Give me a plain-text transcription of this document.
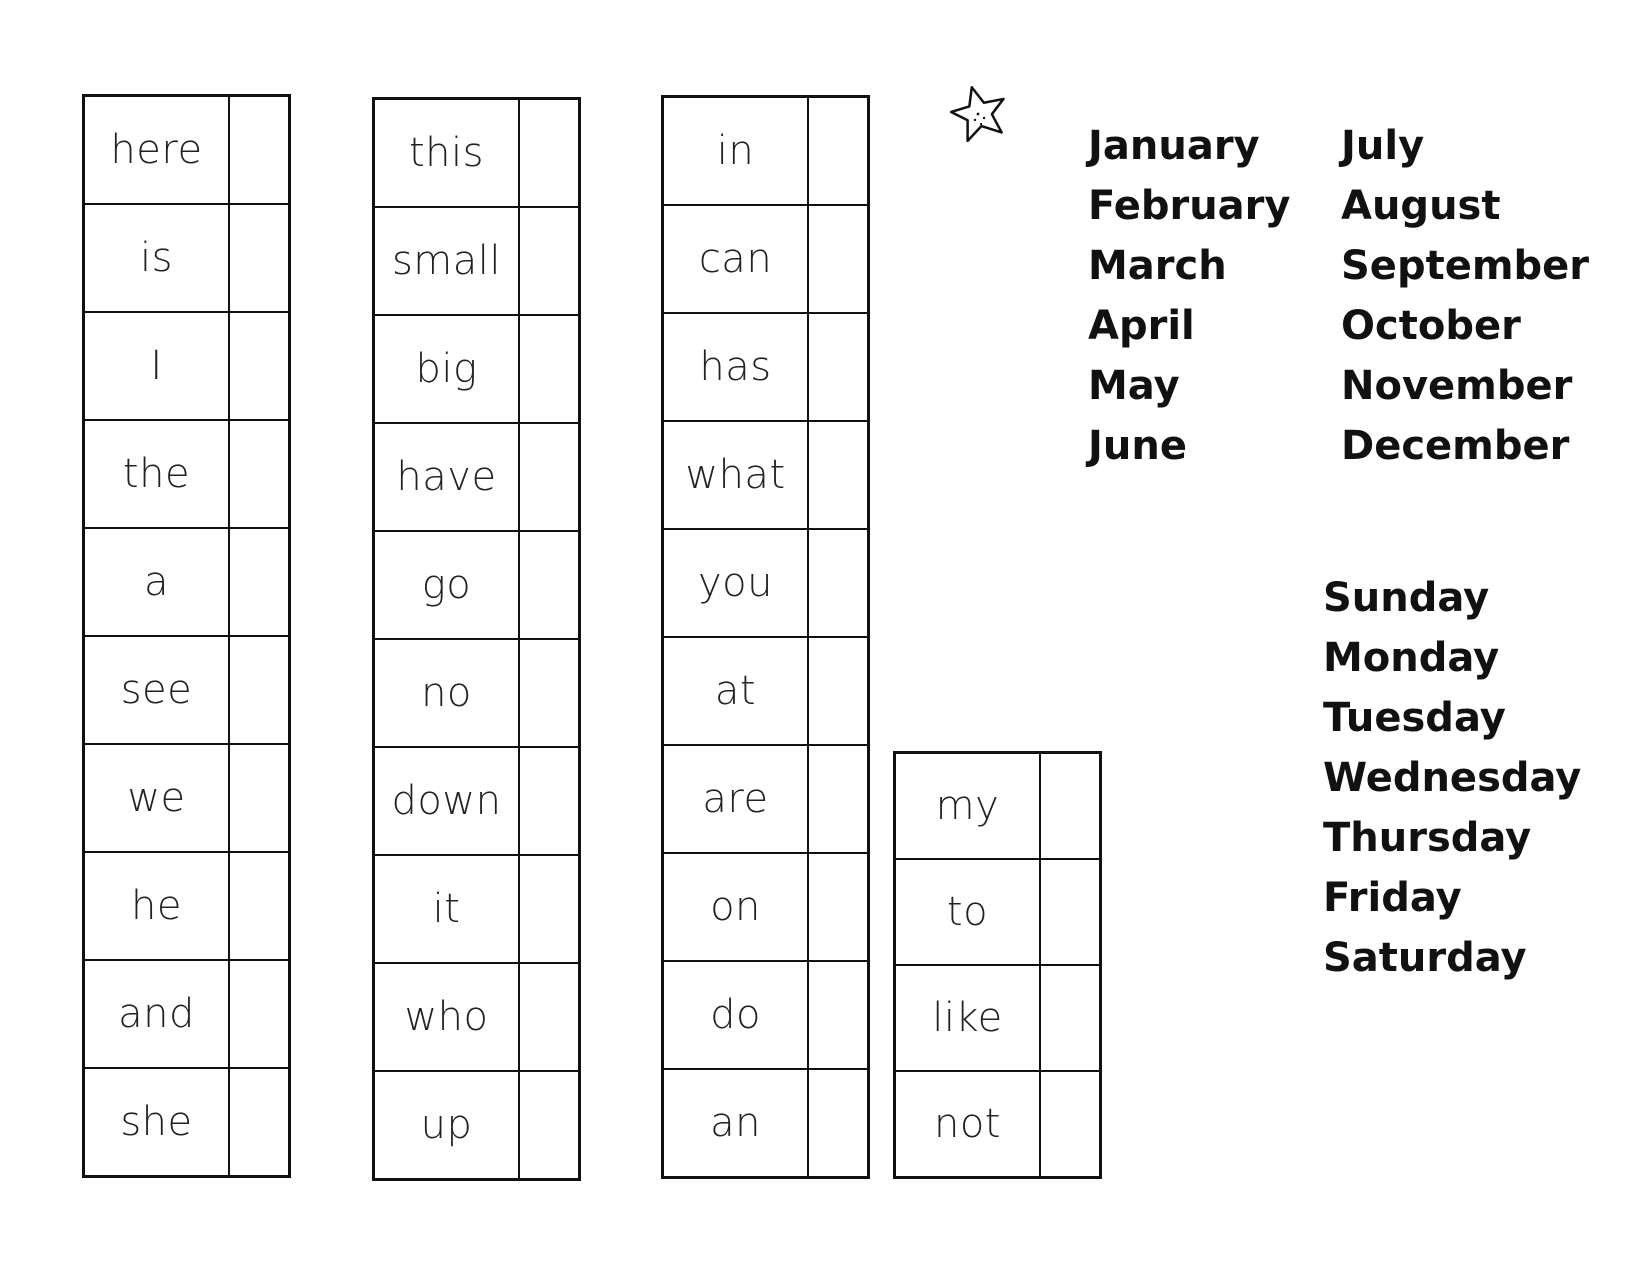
here	
is	
I	
the	
a	
see	
we	
he	
and	
she	
this	
small	
big	
have	
go	
no	
down	
it	
who	
up	
in	
can	
has	
what	
you	
at	
are	
on	
do	
an	
my	
to	
like	
not	
January
February
March
April
May
June
July
August
September
October
November
December
Sunday
Monday
Tuesday
Wednesday
Thursday
Friday
Saturday
